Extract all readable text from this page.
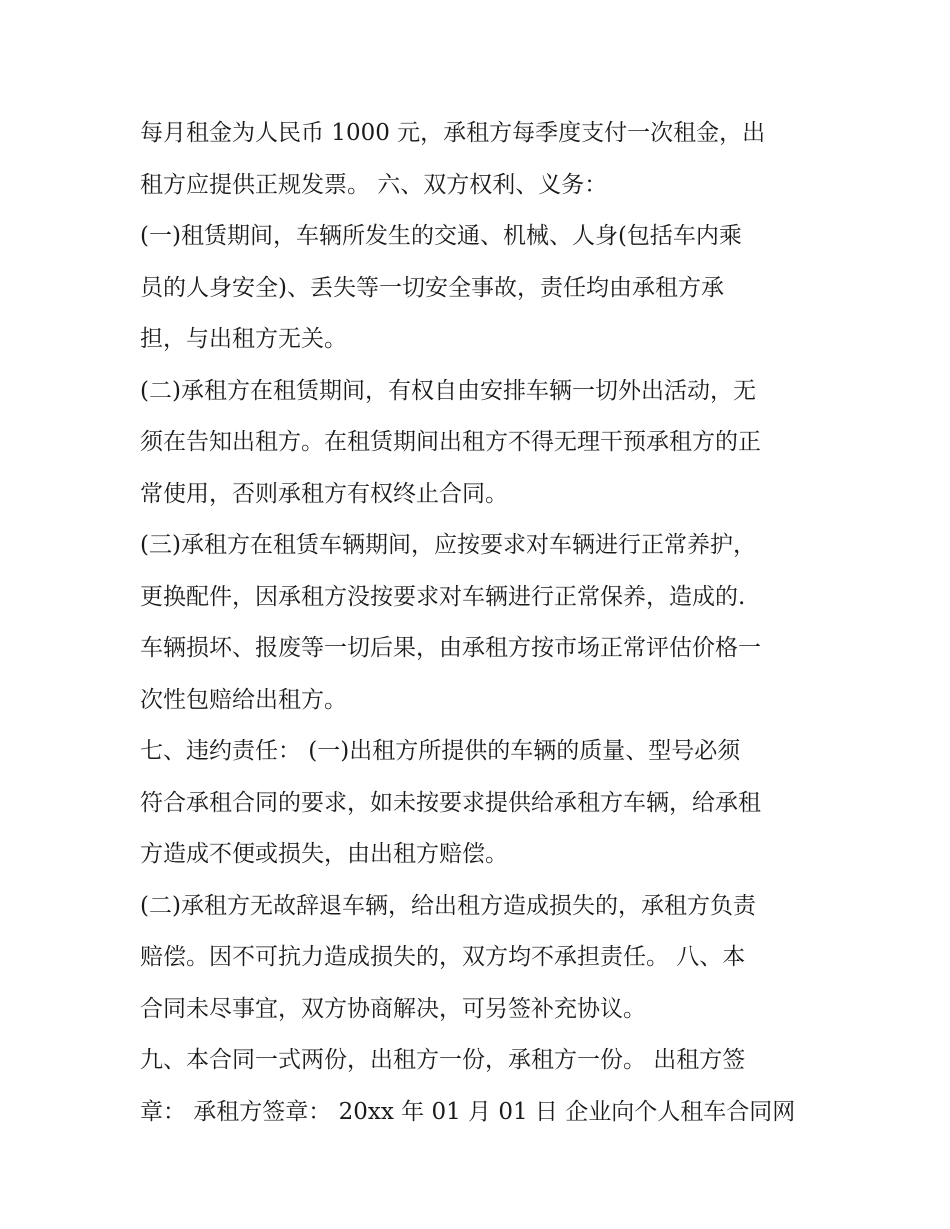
每月租金为人民币 1000 元，承租方每季度支付一次租金，出
租方应提供正规发票。 六、双方权利、义务：
(一)租赁期间，车辆所发生的交通、机械、人身(包括车内乘
员的人身安全)、丢失等一切安全事故，责任均由承租方承
担，与出租方无关。
(二)承租方在租赁期间，有权自由安排车辆一切外出活动，无
须在告知出租方。在租赁期间出租方不得无理干预承租方的正
常使用，否则承租方有权终止合同。
(三)承租方在租赁车辆期间，应按要求对车辆进行正常养护，
更换配件，因承租方没按要求对车辆进行正常保养，造成的.
车辆损坏、报废等一切后果，由承租方按市场正常评估价格一
次性包赔给出租方。
七、违约责任： (一)出租方所提供的车辆的质量、型号必须
符合承租合同的要求，如未按要求提供给承租方车辆，给承租
方造成不便或损失，由出租方赔偿。
(二)承租方无故辞退车辆，给出租方造成损失的，承租方负责
赔偿。因不可抗力造成损失的，双方均不承担责任。 八、本
合同未尽事宜，双方协商解决，可另签补充协议。
九、本合同一式两份，出租方一份，承租方一份。 出租方签
章： 承租方签章： 20xx 年 01 月 01 日 企业向个人租车合同网
